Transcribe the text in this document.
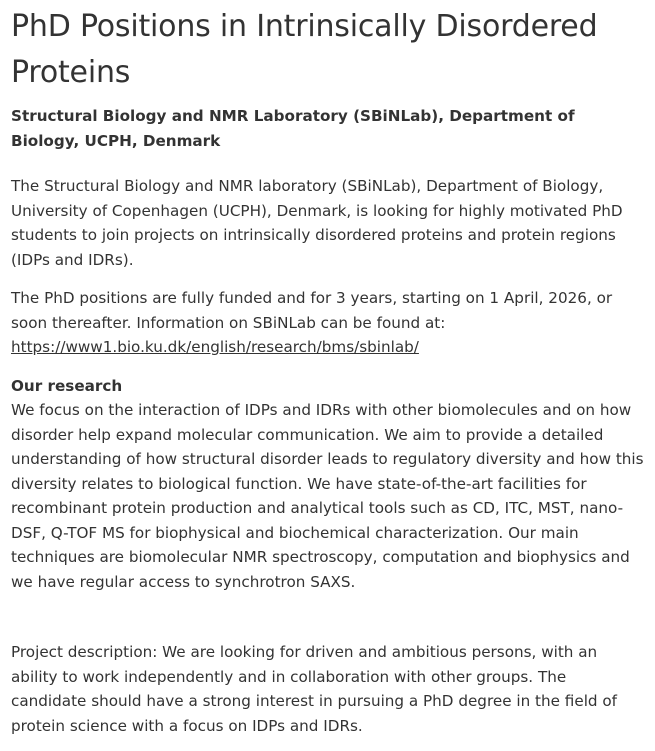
PhD Positions in Intrinsically Disordered Proteins
Structural Biology and NMR Laboratory (SBiNLab), Department of Biology, UCPH, Denmark

The Structural Biology and NMR laboratory (SBiNLab), Department of Biology, University of Copenhagen (UCPH), Denmark, is looking for highly motivated PhD students to join projects on intrinsically disordered proteins and protein regions (IDPs and IDRs).

The PhD positions are fully funded and for 3 years, starting on 1 April, 2026, or soon thereafter. Information on SBiNLab can be found at: https://www1.bio.ku.dk/english/research/bms/sbinlab/

Our research

We focus on the interaction of IDPs and IDRs with other biomolecules and on how disorder help expand molecular communication. We aim to provide a detailed understanding of how structural disorder leads to regulatory diversity and how this diversity relates to biological function. We have state-of-the-art facilities for recombinant protein production and analytical tools such as CD, ITC, MST, nano-DSF, Q-TOF MS for biophysical and biochemical characterization. Our main techniques are biomolecular NMR spectroscopy, computation and biophysics and we have regular access to synchrotron SAXS.

Project description: We are looking for driven and ambitious persons, with an ability to work independently and in collaboration with other groups. The candidate should have a strong interest in pursuing a PhD degree in the field of protein science with a focus on IDPs and IDRs.
